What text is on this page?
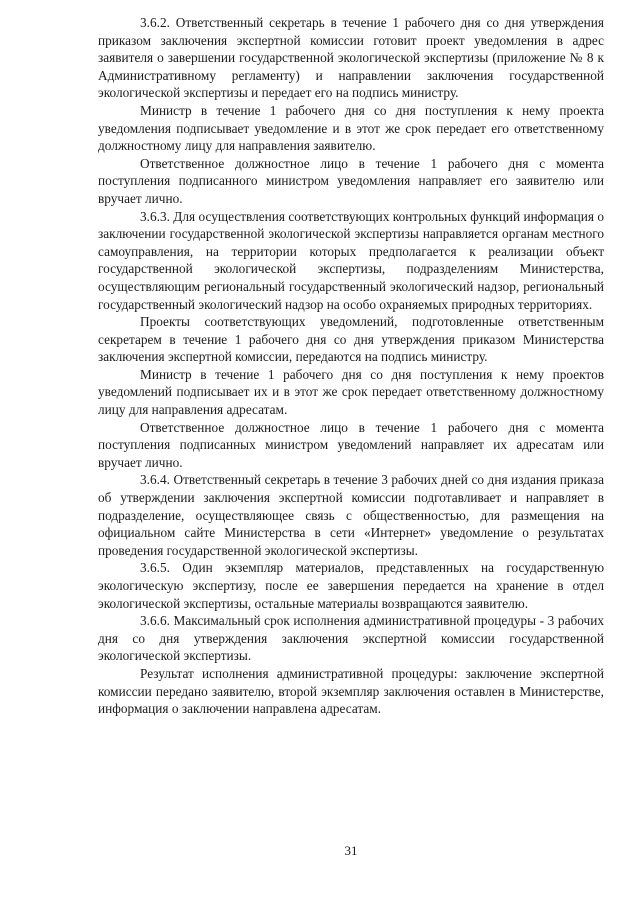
3.6.2. Ответственный секретарь в течение 1 рабочего дня со дня утверждения приказом заключения экспертной комиссии готовит проект уведомления в адрес заявителя о завершении государственной экологической экспертизы (приложение № 8 к Административному регламенту) и направлении заключения государственной экологической экспертизы и передает его на подпись министру.

Министр в течение 1 рабочего дня со дня поступления к нему проекта уведомления подписывает уведомление и в этот же срок передает его ответственному должностному лицу для направления заявителю.

Ответственное должностное лицо в течение 1 рабочего дня с момента поступления подписанного министром уведомления направляет его заявителю или вручает лично.

3.6.3. Для осуществления соответствующих контрольных функций информация о заключении государственной экологической экспертизы направляется органам местного самоуправления, на территории которых предполагается к реализации объект государственной экологической экспертизы, подразделениям Министерства, осуществляющим региональный государственный экологический надзор, региональный государственный экологический надзор на особо охраняемых природных территориях.

Проекты соответствующих уведомлений, подготовленные ответственным секретарем в течение 1 рабочего дня со дня утверждения приказом Министерства заключения экспертной комиссии, передаются на подпись министру.

Министр в течение 1 рабочего дня со дня поступления к нему проектов уведомлений подписывает их и в этот же срок передает ответственному должностному лицу для направления адресатам.

Ответственное должностное лицо в течение 1 рабочего дня с момента поступления подписанных министром уведомлений направляет их адресатам или вручает лично.

3.6.4. Ответственный секретарь в течение 3 рабочих дней со дня издания приказа об утверждении заключения экспертной комиссии подготавливает и направляет в подразделение, осуществляющее связь с общественностью, для размещения на официальном сайте Министерства в сети «Интернет» уведомление о результатах проведения государственной экологической экспертизы.

3.6.5. Один экземпляр материалов, представленных на государственную экологическую экспертизу, после ее завершения передается на хранение в отдел экологической экспертизы, остальные материалы возвращаются заявителю.

3.6.6. Максимальный срок исполнения административной процедуры - 3 рабочих дня со дня утверждения заключения экспертной комиссии государственной экологической экспертизы.

Результат исполнения административной процедуры: заключение экспертной комиссии передано заявителю, второй экземпляр заключения оставлен в Министерстве, информация о заключении направлена адресатам.

31
